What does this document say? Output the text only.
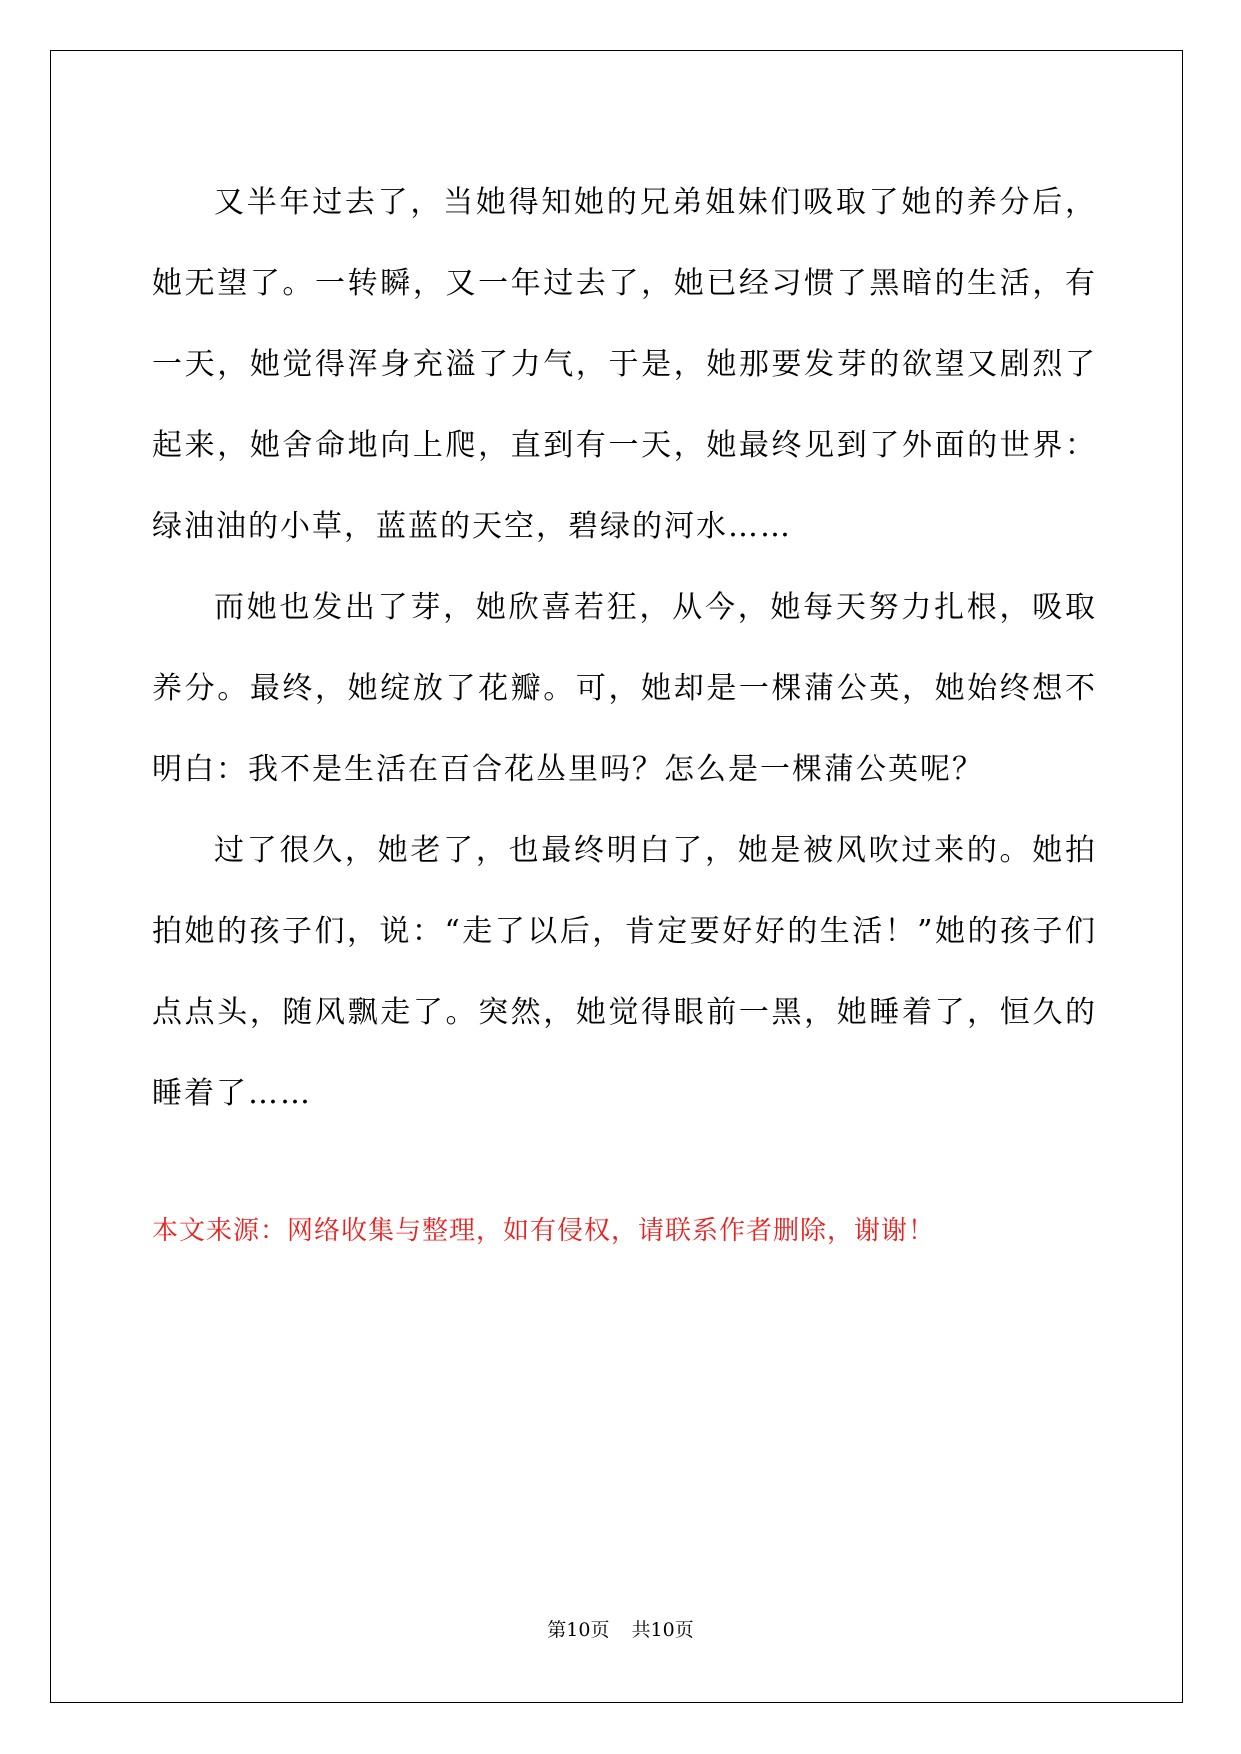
又半年过去了，当她得知她的兄弟姐妹们吸取了她的养分后，她无望了。一转瞬，又一年过去了，她已经习惯了黑暗的生活，有一天，她觉得浑身充溢了力气，于是，她那要发芽的欲望又剧烈了起来，她舍命地向上爬，直到有一天，她最终见到了外面的世界：绿油油的小草，蓝蓝的天空，碧绿的河水……

而她也发出了芽，她欣喜若狂，从今，她每天努力扎根，吸取养分。最终，她绽放了花瓣。可，她却是一棵蒲公英，她始终想不明白：我不是生活在百合花丛里吗？怎么是一棵蒲公英呢？

过了很久，她老了，也最终明白了，她是被风吹过来的。她拍拍她的孩子们，说：“走了以后，肯定要好好的生活！”她的孩子们点点头，随风飘走了。突然，她觉得眼前一黑，她睡着了，恒久的睡着了……

本文来源：网络收集与整理，如有侵权，请联系作者删除，谢谢！

第10页 共10页
